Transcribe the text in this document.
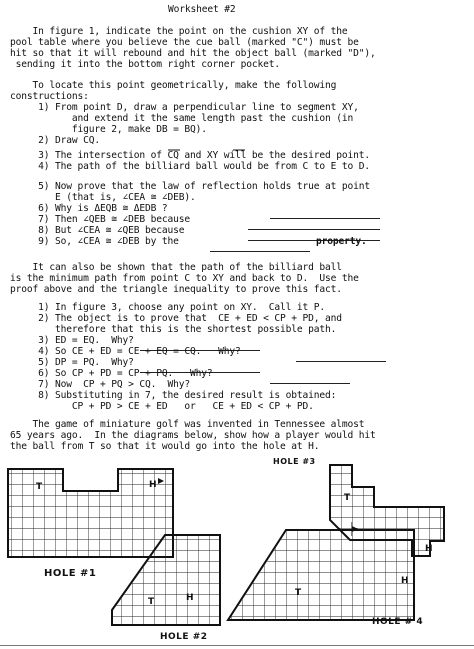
Worksheet #2
In figure 1, indicate the point on the cushion XY of the
pool table where you believe the cue ball (marked "C") must be
hit so that it will rebound and hit the object ball (marked "D"),
sending it into the bottom right corner pocket.
To locate this point geometrically, make the following
constructions:
1) From point D, draw a perpendicular line to segment XY,
and extend it the same length past the cushion (in
figure 2, make DB = BQ).
2) Draw CQ.
3) The intersection of CQ and XY will be the desired point.
4) The path of the billiard ball would be from C to E to D.
5) Now prove that the law of reflection holds true at point
E (that is, ∠CEA ≅ ∠DEB).
6) Why is ΔEQB ≅ ΔEDB ?
7) Then ∠QEB ≅ ∠DEB because
8) But ∠CEA ≅ ∠QEB because
9) So, ∠CEA ≅ ∠DEB by the	property.
It can also be shown that the path of the billiard ball
is the minimum path from point C to XY and back to D.  Use the
proof above and the triangle inequality to prove this fact.
1) In figure 3, choose any point on XY.  Call it P.
2) The object is to prove that  CE + ED < CP + PD, and
therefore that this is the shortest possible path.
3) ED = EQ.  Why?
4) So CE + ED = CE + EQ = CQ.   Why?
5) DP = PQ.  Why?
6) So CP + PD = CP + PQ.   Why?
7) Now  CP + PQ > CQ.  Why?
8) Substituting in 7, the desired result is obtained:
CP + PD > CE + ED   or   CE + ED < CP + PD.
The game of miniature golf was invented in Tennessee almost
65 years ago.  In the diagrams below, show how a player would hit
the ball from T so that it would go into the hole at H.
T	H
HOLE #1
T
H
HOLE #2
HOLE #3
T
H
T	H
HOLE # 4
